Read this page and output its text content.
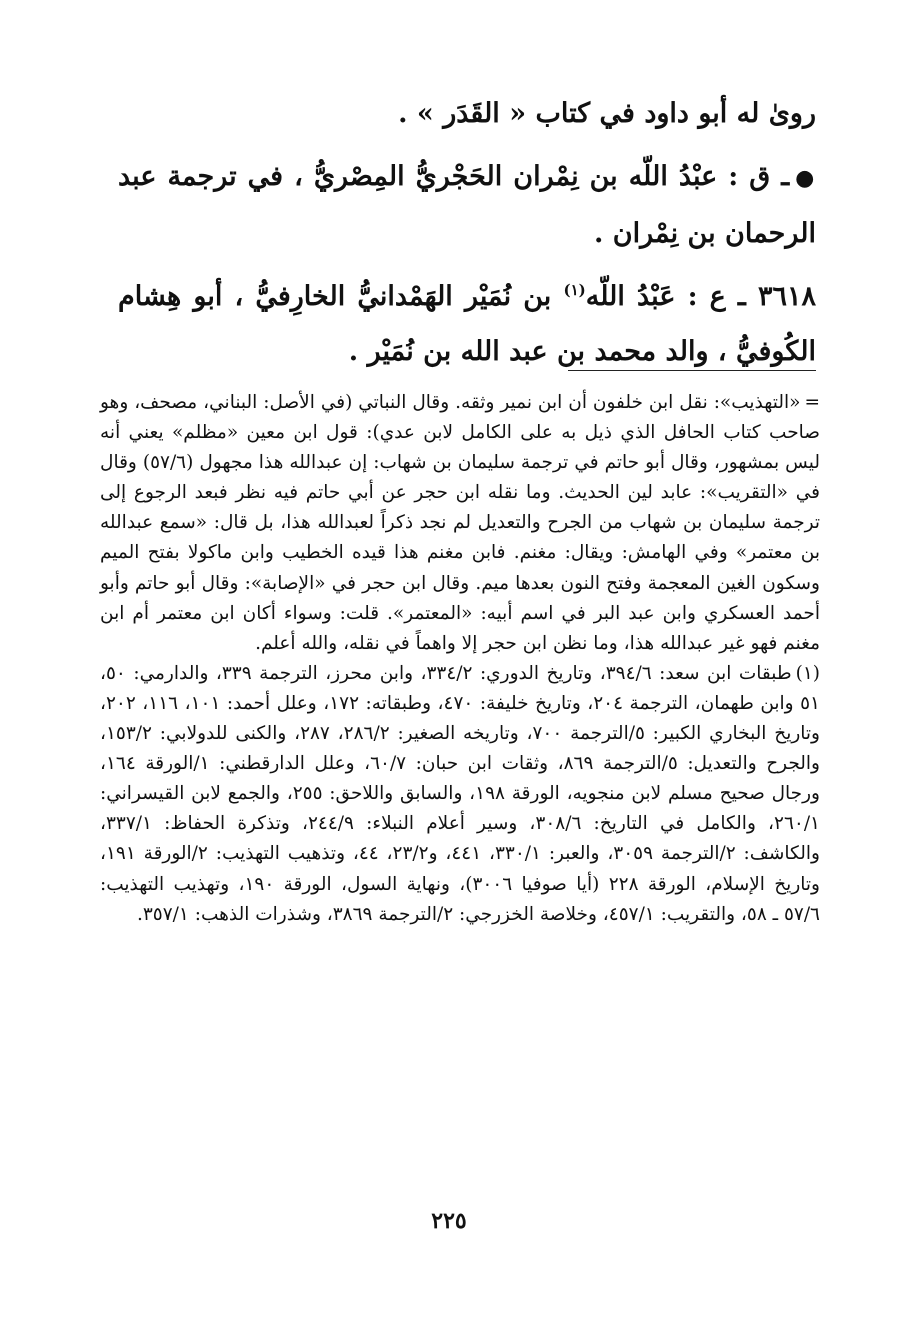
رویٰ له أبو داود في كتاب « القَدَر » .

●ـ ق : عبْدُ اللّه بن نِمْران الحَجْريُّ المِصْريُّ ، في ترجمة عبد الرحمان بن نِمْران .

٣٦١٨ ـ ع : عَبْدُ اللّه$^{(١)}$ بن نُمَيْر الهَمْدانيُّ الخارِفيُّ ، أبو هِشام الكُوفيُّ ، والد محمد بن عبد الله بن نُمَيْر .

=«التهذيب»: نقل ابن خلفون أن ابن نمير وثقه. وقال النباتي (في الأصل: البناني، مصحف، وهو صاحب كتاب الحافل الذي ذيل به على الكامل لابن عدي): قول ابن معين «مظلم» يعني أنه ليس بمشهور، وقال أبو حاتم في ترجمة سليمان بن شهاب: إن عبدالله هذا مجهول (٥٧/٦) وقال في «التقريب»: عابد لين الحديث. وما نقله ابن حجر عن أبي حاتم فيه نظر فبعد الرجوع إلى ترجمة سليمان بن شهاب من الجرح والتعديل لم نجد ذكراً لعبدالله هذا، بل قال: «سمع عبدالله بن معتمر» وفي الهامش: ويقال: مغنم. فابن مغنم هذا قيده الخطيب وابن ماكولا بفتح الميم وسكون الغين المعجمة وفتح النون بعدها ميم. وقال ابن حجر في «الإصابة»: وقال أبو حاتم وأبو أحمد العسكري وابن عبد البر في اسم أبيه: «المعتمر». قلت: وسواء أكان ابن معتمر أم ابن مغنم فهو غير عبدالله هذا، وما نظن ابن حجر إلا واهماً في نقله، والله أعلم.

(١)طبقات ابن سعد: ٣٩٤/٦، وتاريخ الدوري: ٣٣٤/٢، وابن محرز، الترجمة ٣٣٩، والدارمي: ٥٠، ٥١ وابن طهمان، الترجمة ٢٠٤، وتاريخ خليفة: ٤٧٠، وطبقاته: ١٧٢، وعلل أحمد: ١٠١، ١١٦، ٢٠٢، وتاريخ البخاري الكبير: ٥/الترجمة ٧٠٠، وتاريخه الصغير: ٢٨٦/٢، ٢٨٧، والكنى للدولابي: ١٥٣/٢، والجرح والتعديل: ٥/الترجمة ٨٦٩، وثقات ابن حبان: ٦٠/٧، وعلل الدارقطني: ١/الورقة ١٦٤، ورجال صحيح مسلم لابن منجويه، الورقة ١٩٨، والسابق واللاحق: ٢٥٥، والجمع لابن القيسراني: ٢٦٠/١، والكامل في التاريخ: ٣٠٨/٦، وسير أعلام النبلاء: ٢٤٤/٩، وتذكرة الحفاظ: ٣٣٧/١، والكاشف: ٢/الترجمة ٣٠٥٩، والعبر: ٣٣٠/١، ٤٤١، و٢٣/٢، ٤٤، وتذهيب التهذيب: ٢/الورقة ١٩١، وتاريخ الإسلام، الورقة ٢٢٨ (أيا صوفيا ٣٠٠٦)، ونهاية السول، الورقة ١٩٠، وتهذيب التهذيب: ٥٧/٦ ـ ٥٨، والتقريب: ٤٥٧/١، وخلاصة الخزرجي: ٢/الترجمة ٣٨٦٩، وشذرات الذهب: ٣٥٧/١.

٢٢٥
